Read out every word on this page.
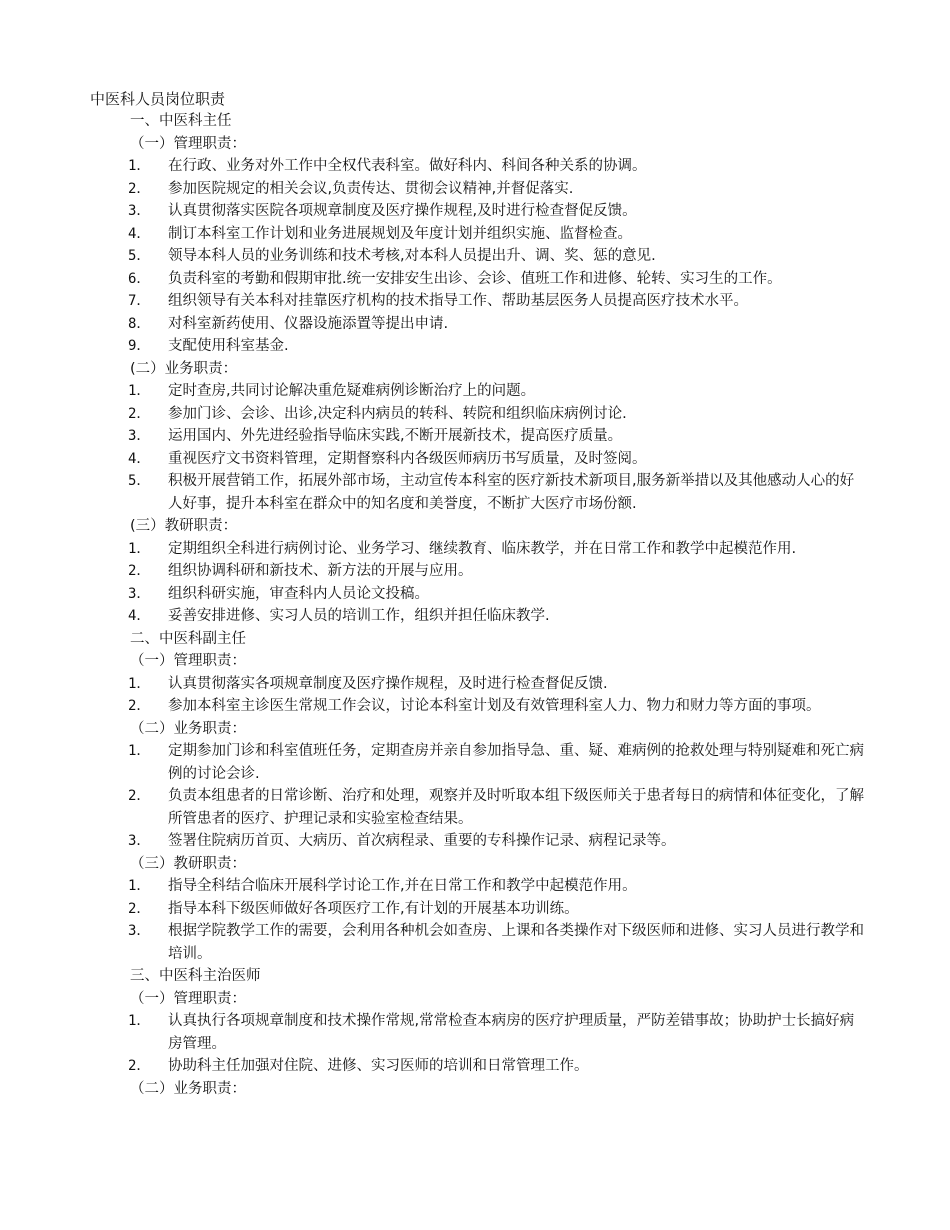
中医科人员岗位职责
一、中医科主任
（一）管理职责：
1．	在行政、业务对外工作中全权代表科室。做好科内、科间各种关系的协调。
2．	参加医院规定的相关会议,负责传达、贯彻会议精神,并督促落实.
3．	认真贯彻落实医院各项规章制度及医疗操作规程,及时进行检查督促反馈。
4．	制订本科室工作计划和业务进展规划及年度计划并组织实施、监督检查。
5．	领导本科人员的业务训练和技术考核,对本科人员提出升、调、奖、惩的意见.
6．	负责科室的考勤和假期审批.统一安排安生出诊、会诊、值班工作和进修、轮转、实习生的工作。
7．	组织领导有关本科对挂靠医疗机构的技术指导工作、帮助基层医务人员提高医疗技术水平。
8．	对科室新药使用、仪器设施添置等提出申请.
9．	支配使用科室基金.
(二）业务职责：
1．	定时查房,共同讨论解决重危疑难病例诊断治疗上的问题。
2．	参加门诊、会诊、出诊,决定科内病员的转科、转院和组织临床病例讨论.
3．	运用国内、外先进经验指导临床实践,不断开展新技术，提高医疗质量。
4．	重视医疗文书资料管理，定期督察科内各级医师病历书写质量，及时签阅。
5．	积极开展营销工作，拓展外部市场，主动宣传本科室的医疗新技术新项目,服务新举措以及其他感动人心的好人好事，提升本科室在群众中的知名度和美誉度，不断扩大医疗市场份额.
(三）教研职责：
1．	定期组织全科进行病例讨论、业务学习、继续教育、临床教学，并在日常工作和教学中起模范作用.
2．	组织协调科研和新技术、新方法的开展与应用。
3．	组织科研实施，审查科内人员论文投稿。
4．	妥善安排进修、实习人员的培训工作，组织并担任临床教学.
二、中医科副主任
（一）管理职责：
1．	认真贯彻落实各项规章制度及医疗操作规程，及时进行检查督促反馈.
2．	参加本科室主诊医生常规工作会议，讨论本科室计划及有效管理科室人力、物力和财力等方面的事项。
（二）业务职责：
1．	定期参加门诊和科室值班任务，定期查房并亲自参加指导急、重、疑、难病例的抢救处理与特别疑难和死亡病例的讨论会诊.
2．	负责本组患者的日常诊断、治疗和处理，观察并及时听取本组下级医师关于患者每日的病情和体征变化，了解所管患者的医疗、护理记录和实验室检查结果。
3．	签署住院病历首页、大病历、首次病程录、重要的专科操作记录、病程记录等。
（三）教研职责：
1．	指导全科结合临床开展科学讨论工作,并在日常工作和教学中起模范作用。
2．	指导本科下级医师做好各项医疗工作,有计划的开展基本功训练。
3．	根据学院教学工作的需要，会利用各种机会如查房、上课和各类操作对下级医师和进修、实习人员进行教学和培训。
三、中医科主治医师
（一）管理职责：
1．	认真执行各项规章制度和技术操作常规,常常检查本病房的医疗护理质量，严防差错事故；协助护士长搞好病房管理。
2．	协助科主任加强对住院、进修、实习医师的培训和日常管理工作。
（二）业务职责：
